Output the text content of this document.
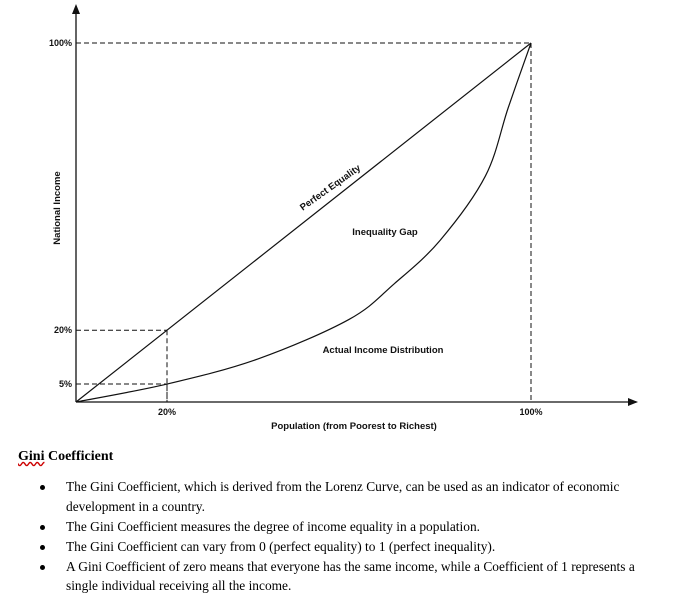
100%
20%
5%
20%	100%
Population (from Poorest to Richest)
National Income	Perfect Equality
Inequality Gap
Actual Income Distribution
Gini Coefficient
The Gini Coefficient, which is derived from the Lorenz Curve, can be used as an indicator of economic development in a country.
The Gini Coefficient measures the degree of income equality in a population.
The Gini Coefficient can vary from 0 (perfect equality) to 1 (perfect inequality).
A Gini Coefficient of zero means that everyone has the same income, while a Coefficient of 1 represents a single individual receiving all the income.
